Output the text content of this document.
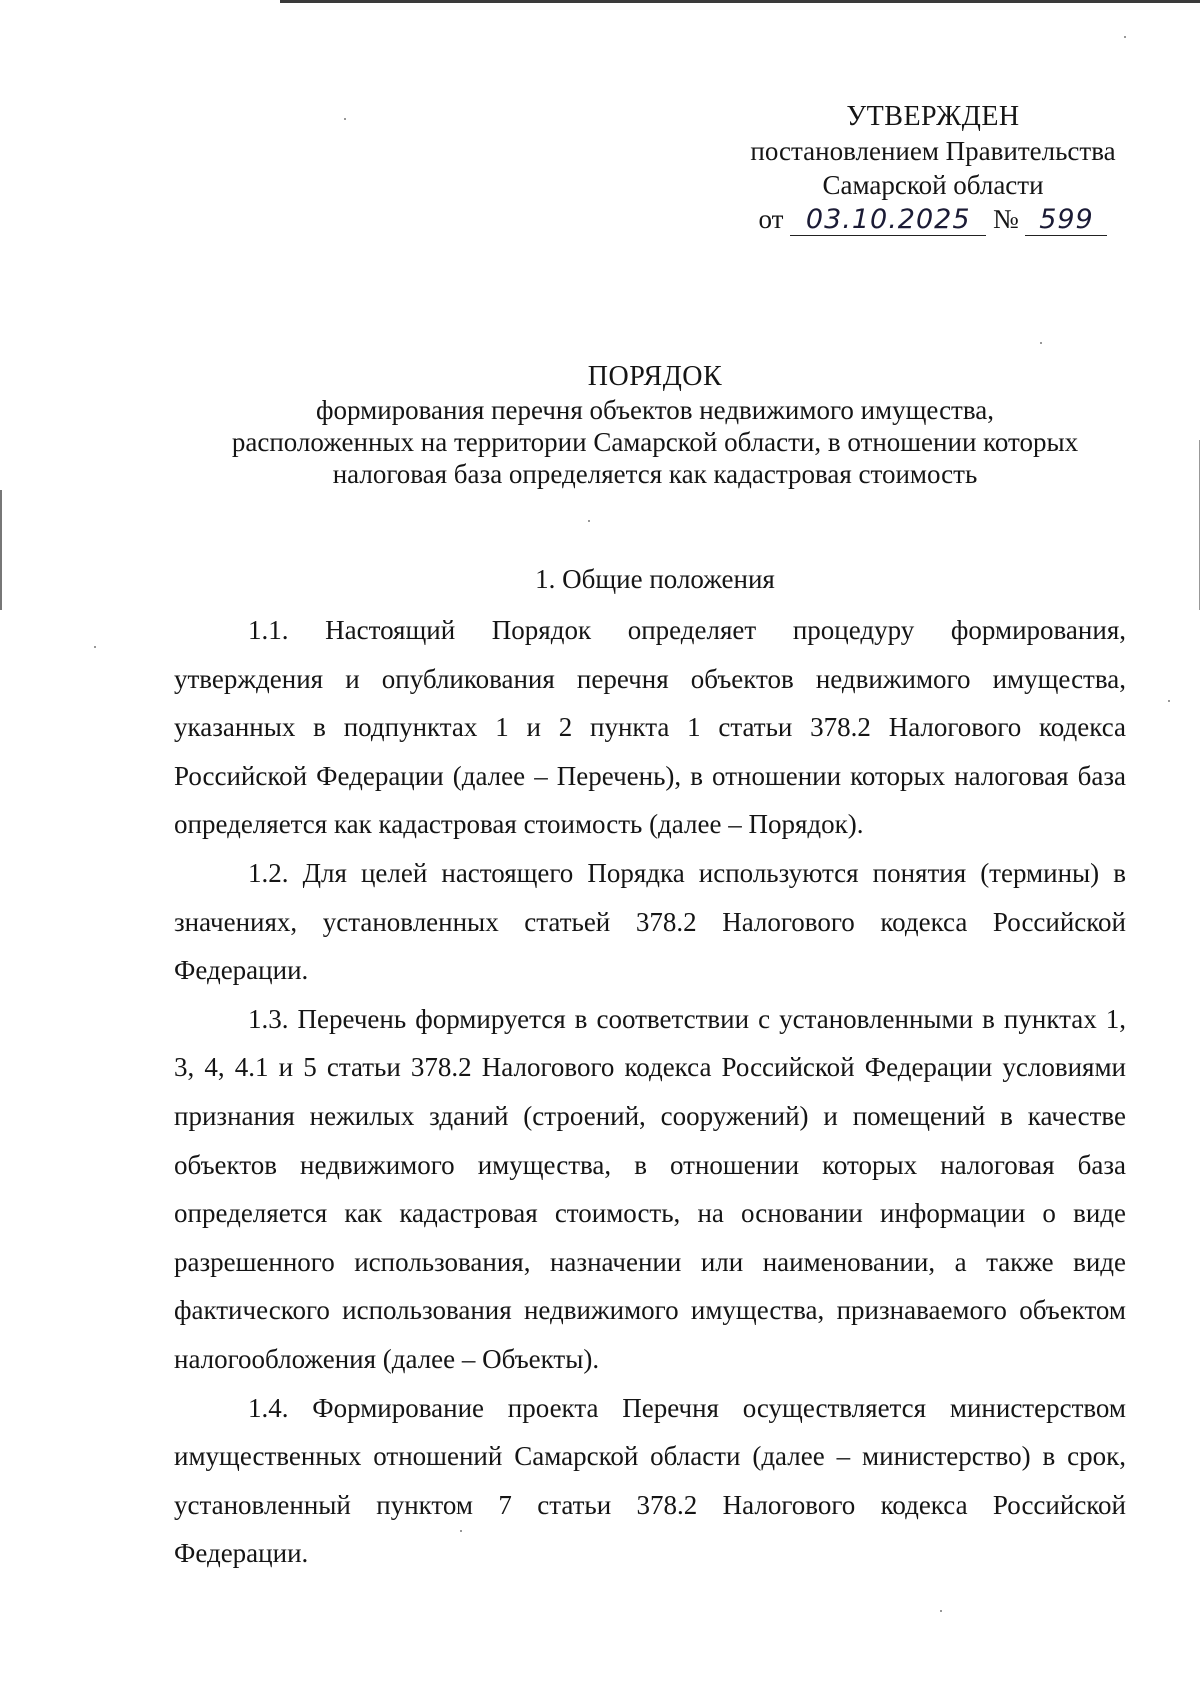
УТВЕРЖДЕН
постановлением Правительства
Самарской области
от 03.10.2025 № 599
ПОРЯДОК
формирования перечня объектов недвижимого имущества,
расположенных на территории Самарской области, в отношении которых
налоговая база определяется как кадастровая стоимость
1. Общие положения

1.1. Настоящий Порядок определяет процедуру формирования, утверждения и опубликования перечня объектов недвижимого имущества, указанных в подпунктах 1 и 2 пункта 1 статьи 378.2 Налогового кодекса Российской Федерации (далее – Перечень), в отношении которых налоговая база определяется как кадастровая стоимость (далее – Порядок).

1.2. Для целей настоящего Порядка используются понятия (термины) в значениях, установленных статьей 378.2 Налогового кодекса Российской Федерации.

1.3. Перечень формируется в соответствии с установленными в пунктах 1, 3, 4, 4.1 и 5 статьи 378.2 Налогового кодекса Российской Федерации условиями признания нежилых зданий (строений, сооружений) и помещений в качестве объектов недвижимого имущества, в отношении которых налоговая база определяется как кадастровая стоимость, на основании информации о виде разрешенного использования, назначении или наименовании, а также виде фактического использования недвижимого имущества, признаваемого объектом налогообложения (далее – Объекты).

1.4. Формирование проекта Перечня осуществляется министерством имущественных отношений Самарской области (далее – министерство) в срок, установленный пунктом 7 статьи 378.2 Налогового кодекса Российской Федерации.
